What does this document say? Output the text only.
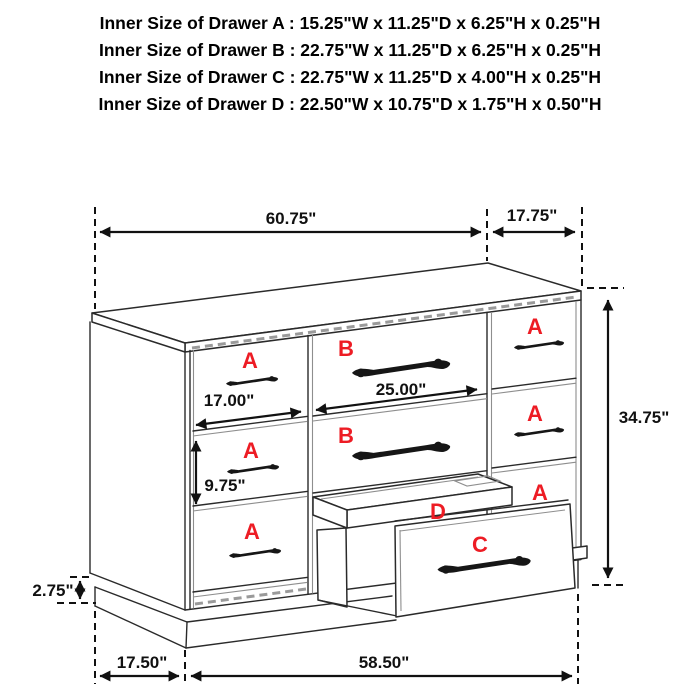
Inner Size of Drawer A : 15.25"W x 11.25"D x 6.25"H x 0.25"H
Inner Size of Drawer B : 22.75"W x 11.25"D x 6.25"H x 0.25"H
Inner Size of Drawer C : 22.75"W x 11.25"D x 4.00"H x 0.25"H
Inner Size of Drawer D : 22.50"W x 10.75"D x 1.75"H x 0.50"H
A
A
A
B
B
A
A
A
D
C
60.75"	17.75"
34.75"
17.00"
25.00"
9.75"
2.75"
17.50"	58.50"
